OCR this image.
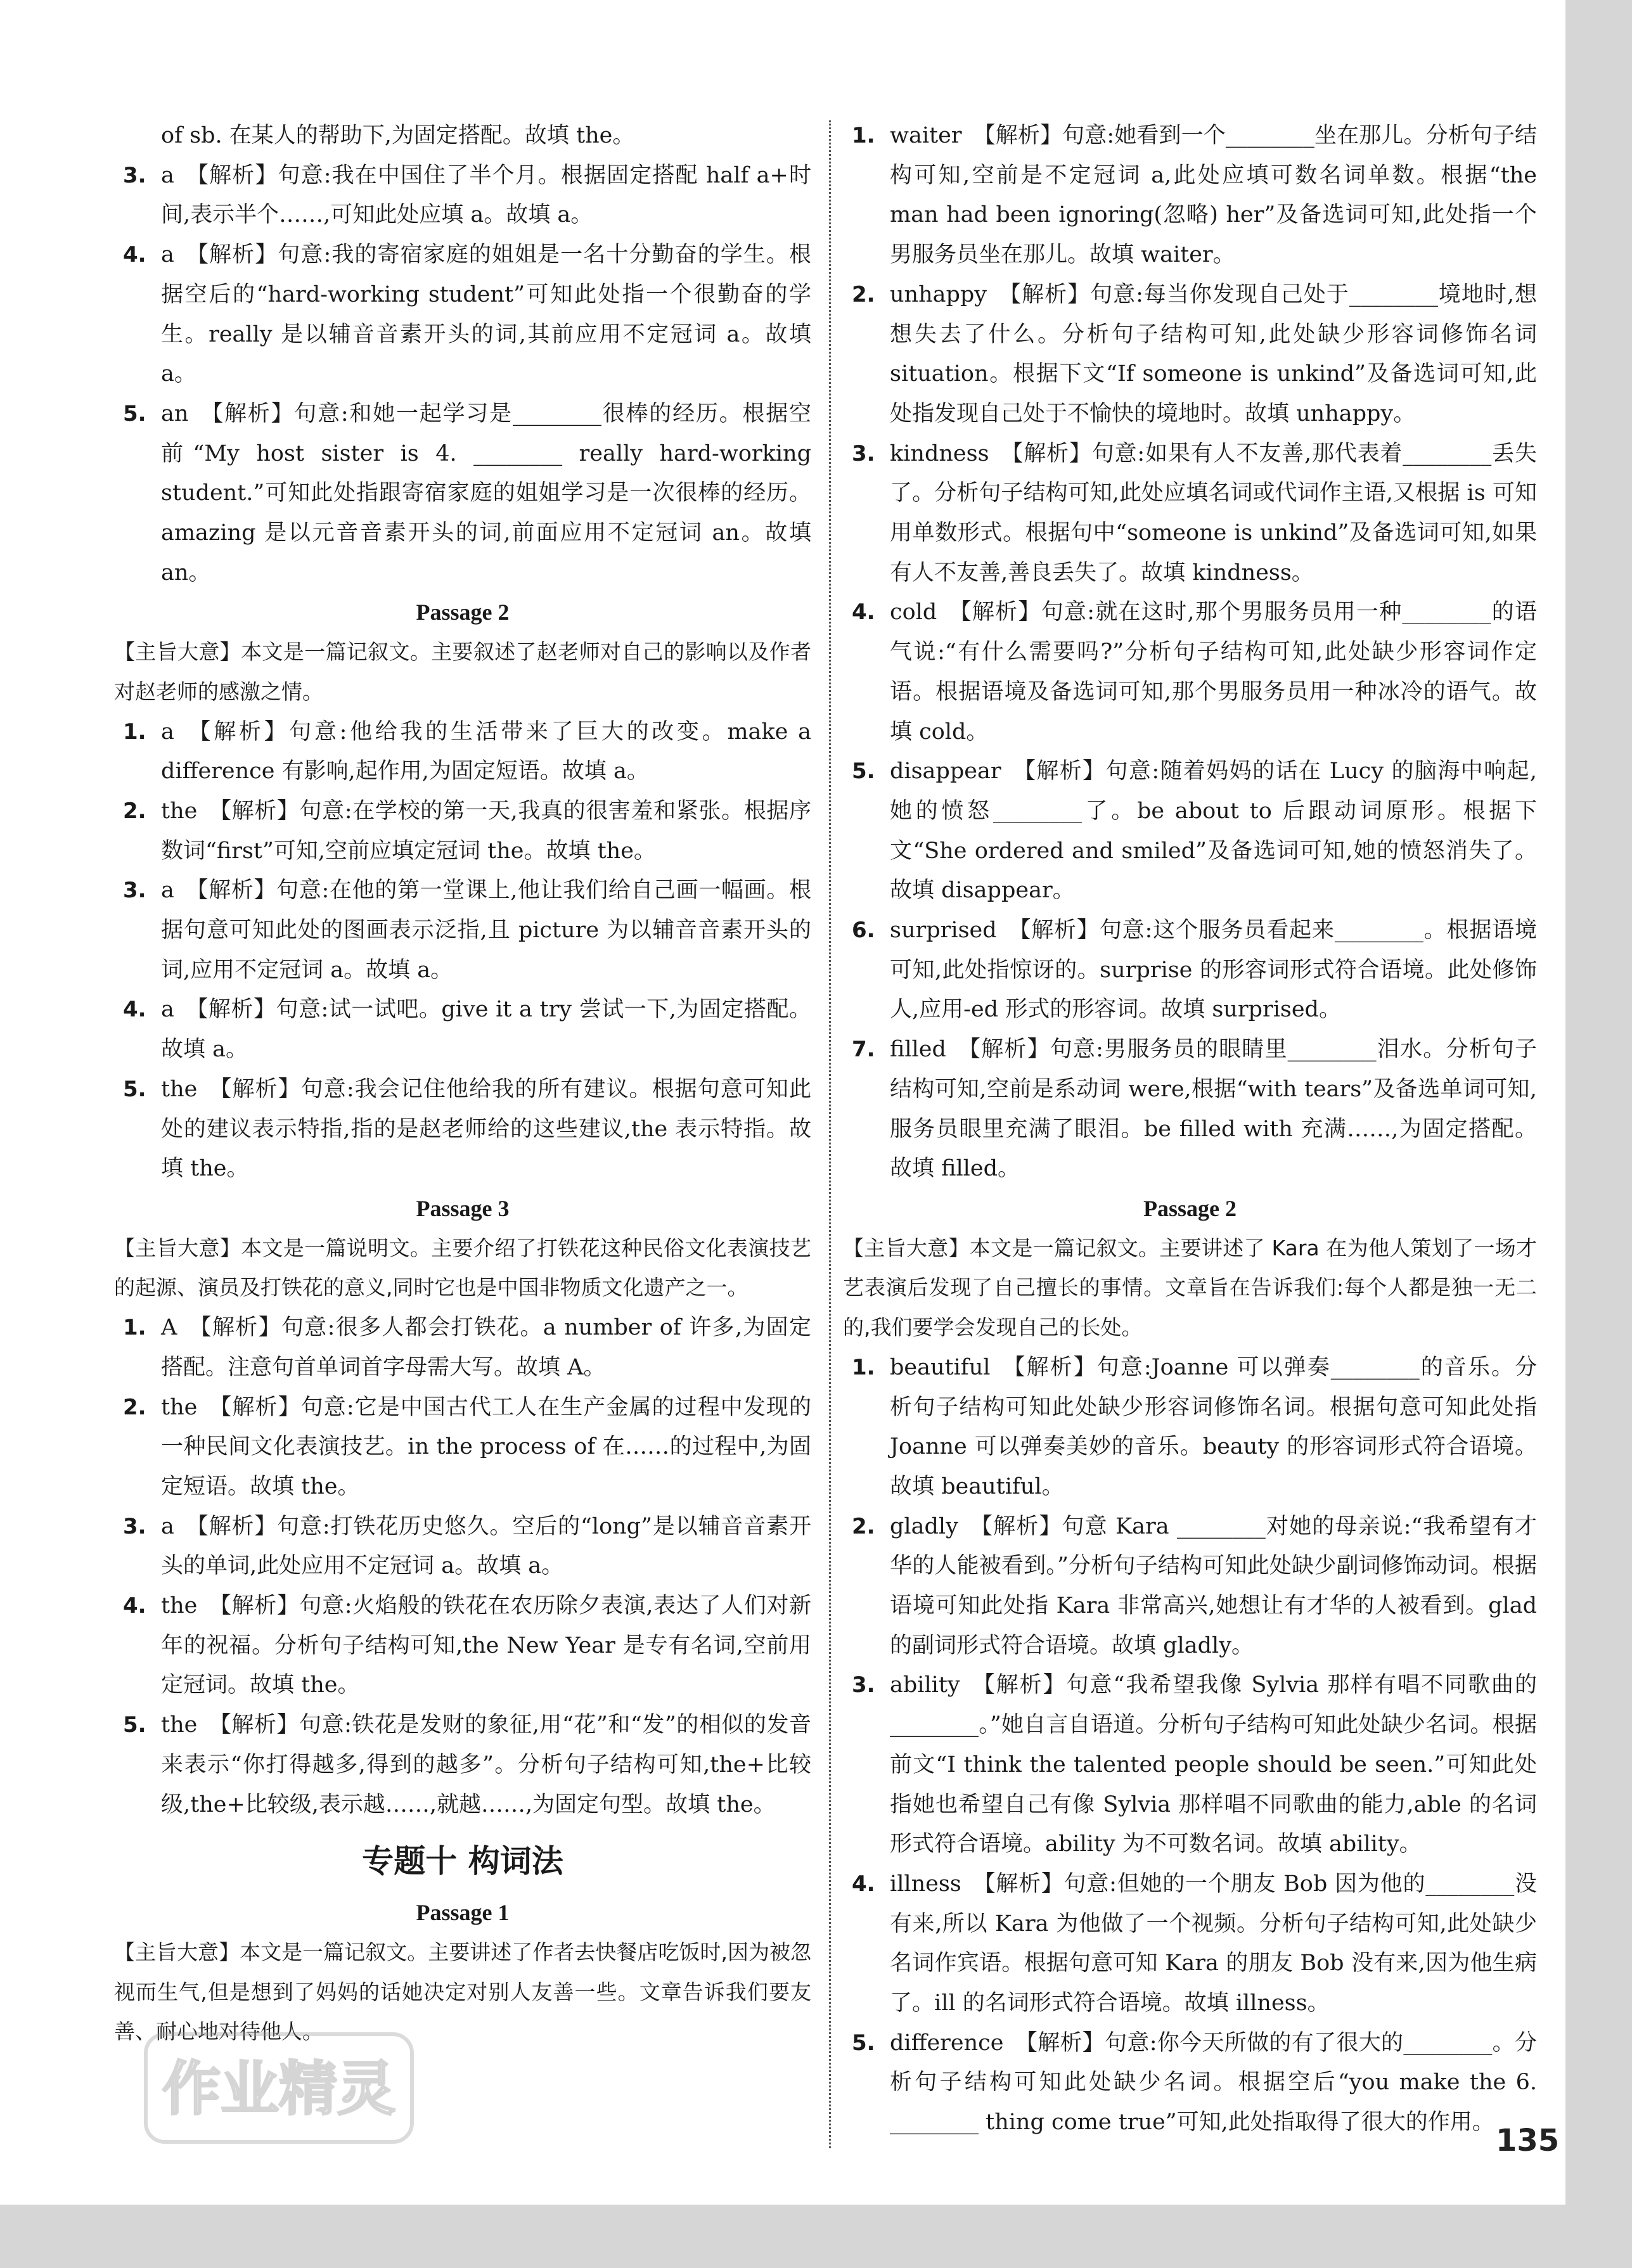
of sb. 在某人的帮助下,为固定搭配。故填 the。

3. a 【解析】句意:我在中国住了半个月。根据固定搭配 half a+时间,表示半个……,可知此处应填 a。故填 a。

4. a 【解析】句意:我的寄宿家庭的姐姐是一名十分勤奋的学生。根据空后的“hard-working student”可知此处指一个很勤奋的学生。really 是以辅音音素开头的词,其前应用不定冠词 a。故填 a。

5. an 【解析】句意:和她一起学习是________很棒的经历。根据空前“My host sister is 4. ________ really hard-working student.”可知此处指跟寄宿家庭的姐姐学习是一次很棒的经历。amazing 是以元音音素开头的词,前面应用不定冠词 an。故填 an。

Passage 2

【主旨大意】本文是一篇记叙文。主要叙述了赵老师对自己的影响以及作者对赵老师的感激之情。

1. a 【解析】句意:他给我的生活带来了巨大的改变。make a difference 有影响,起作用,为固定短语。故填 a。

2. the 【解析】句意:在学校的第一天,我真的很害羞和紧张。根据序数词“first”可知,空前应填定冠词 the。故填 the。

3. a 【解析】句意:在他的第一堂课上,他让我们给自己画一幅画。根据句意可知此处的图画表示泛指,且 picture 为以辅音音素开头的词,应用不定冠词 a。故填 a。

4. a 【解析】句意:试一试吧。give it a try 尝试一下,为固定搭配。故填 a。

5. the 【解析】句意:我会记住他给我的所有建议。根据句意可知此处的建议表示特指,指的是赵老师给的这些建议,the 表示特指。故填 the。

Passage 3

【主旨大意】本文是一篇说明文。主要介绍了打铁花这种民俗文化表演技艺的起源、演员及打铁花的意义,同时它也是中国非物质文化遗产之一。

1. A 【解析】句意:很多人都会打铁花。a number of 许多,为固定搭配。注意句首单词首字母需大写。故填 A。

2. the 【解析】句意:它是中国古代工人在生产金属的过程中发现的一种民间文化表演技艺。in the process of 在……的过程中,为固定短语。故填 the。

3. a 【解析】句意:打铁花历史悠久。空后的“long”是以辅音音素开头的单词,此处应用不定冠词 a。故填 a。

4. the 【解析】句意:火焰般的铁花在农历除夕表演,表达了人们对新年的祝福。分析句子结构可知,the New Year 是专有名词,空前用定冠词。故填 the。

5. the 【解析】句意:铁花是发财的象征,用“花”和“发”的相似的发音来表示“你打得越多,得到的越多”。分析句子结构可知,the+比较级,the+比较级,表示越……,就越……,为固定句型。故填 the。

专题十 构词法

Passage 1

【主旨大意】本文是一篇记叙文。主要讲述了作者去快餐店吃饭时,因为被忽视而生气,但是想到了妈妈的话她决定对别人友善一些。文章告诉我们要友善、耐心地对待他人。

1. waiter 【解析】句意:她看到一个________坐在那儿。分析句子结构可知,空前是不定冠词 a,此处应填可数名词单数。根据“the man had been ignoring(忽略) her”及备选词可知,此处指一个男服务员坐在那儿。故填 waiter。

2. unhappy 【解析】句意:每当你发现自己处于________境地时,想想失去了什么。分析句子结构可知,此处缺少形容词修饰名词 situation。根据下文“If someone is unkind”及备选词可知,此处指发现自己处于不愉快的境地时。故填 unhappy。

3. kindness 【解析】句意:如果有人不友善,那代表着________丢失了。分析句子结构可知,此处应填名词或代词作主语,又根据 is 可知用单数形式。根据句中“someone is unkind”及备选词可知,如果有人不友善,善良丢失了。故填 kindness。

4. cold 【解析】句意:就在这时,那个男服务员用一种________的语气说:“有什么需要吗?”分析句子结构可知,此处缺少形容词作定语。根据语境及备选词可知,那个男服务员用一种冰冷的语气。故填 cold。

5. disappear 【解析】句意:随着妈妈的话在 Lucy 的脑海中响起,她的愤怒________了。be about to 后跟动词原形。根据下文“She ordered and smiled”及备选词可知,她的愤怒消失了。故填 disappear。

6. surprised 【解析】句意:这个服务员看起来________。根据语境可知,此处指惊讶的。surprise 的形容词形式符合语境。此处修饰人,应用-ed 形式的形容词。故填 surprised。

7. filled 【解析】句意:男服务员的眼睛里________泪水。分析句子结构可知,空前是系动词 were,根据“with tears”及备选单词可知,服务员眼里充满了眼泪。be filled with 充满……,为固定搭配。故填 filled。

Passage 2

【主旨大意】本文是一篇记叙文。主要讲述了 Kara 在为他人策划了一场才艺表演后发现了自己擅长的事情。文章旨在告诉我们:每个人都是独一无二的,我们要学会发现自己的长处。

1. beautiful 【解析】句意:Joanne 可以弹奏________的音乐。分析句子结构可知此处缺少形容词修饰名词。根据句意可知此处指 Joanne 可以弹奏美妙的音乐。beauty 的形容词形式符合语境。故填 beautiful。

2. gladly 【解析】句意 Kara ________对她的母亲说:“我希望有才华的人能被看到。”分析句子结构可知此处缺少副词修饰动词。根据语境可知此处指 Kara 非常高兴,她想让有才华的人被看到。glad 的副词形式符合语境。故填 gladly。

3. ability 【解析】句意“我希望我像 Sylvia 那样有唱不同歌曲的________。”她自言自语道。分析句子结构可知此处缺少名词。根据前文“I think the talented people should be seen.”可知此处指她也希望自己有像 Sylvia 那样唱不同歌曲的能力,able 的名词形式符合语境。ability 为不可数名词。故填 ability。

4. illness 【解析】句意:但她的一个朋友 Bob 因为他的________没有来,所以 Kara 为他做了一个视频。分析句子结构可知,此处缺少名词作宾语。根据句意可知 Kara 的朋友 Bob 没有来,因为他生病了。ill 的名词形式符合语境。故填 illness。

5. difference 【解析】句意:你今天所做的有了很大的________。分析句子结构可知此处缺少名词。根据空后“you make the 6. ________ thing come true”可知,此处指取得了很大的作用。

135
作业精灵
